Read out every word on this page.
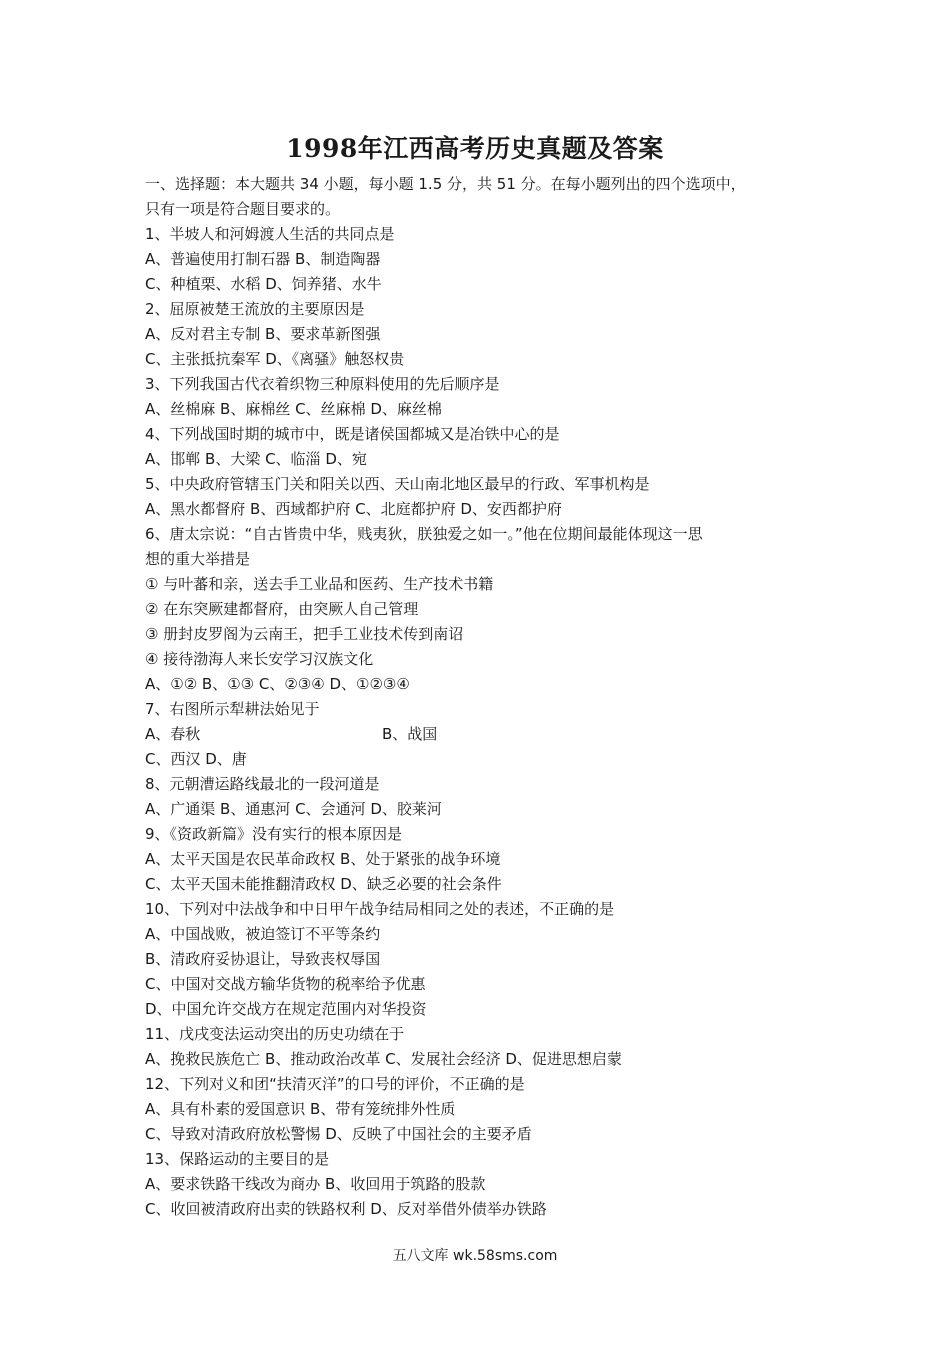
1998年江西高考历史真题及答案
一、选择题：本大题共 34 小题，每小题 1.5 分，共 51 分。在每小题列出的四个选项中，
只有一项是符合题目要求的。
1、半坡人和河姆渡人生活的共同点是
A、普遍使用打制石器 B、制造陶器
C、种植栗、水稻 D、饲养猪、水牛
2、屈原被楚王流放的主要原因是
A、反对君主专制 B、要求革新图强
C、主张抵抗秦军 D、《离骚》触怒权贵
3、下列我国古代衣着织物三种原料使用的先后顺序是
A、丝棉麻 B、麻棉丝 C、丝麻棉 D、麻丝棉
4、下列战国时期的城市中，既是诸侯国都城又是冶铁中心的是
A、邯郸 B、大梁 C、临淄 D、宛
5、中央政府管辖玉门关和阳关以西、天山南北地区最早的行政、军事机构是
A、黑水都督府 B、西域都护府 C、北庭都护府 D、安西都护府
6、唐太宗说：“自古皆贵中华，贱夷狄，朕独爱之如一。”他在位期间最能体现这一思
想的重大举措是
① 与叶蕃和亲，送去手工业品和医药、生产技术书籍
② 在东突厥建都督府，由突厥人自己管理
③ 册封皮罗阁为云南王，把手工业技术传到南诏
④ 接待渤海人来长安学习汉族文化
A、①② B、①③ C、②③④ D、①②③④
7、右图所示犁耕法始见于
A、春秋	B、战国
C、西汉 D、唐
8、元朝漕运路线最北的一段河道是
A、广通渠 B、通惠河 C、会通河 D、胶莱河
9、《资政新篇》没有实行的根本原因是
A、太平天国是农民革命政权 B、处于紧张的战争环境
C、太平天国未能推翻清政权 D、缺乏必要的社会条件
10、下列对中法战争和中日甲午战争结局相同之处的表述，不正确的是
A、中国战败，被迫签订不平等条约
B、清政府妥协退让，导致丧权辱国
C、中国对交战方输华货物的税率给予优惠
D、中国允许交战方在规定范围内对华投资
11、戊戌变法运动突出的历史功绩在于
A、挽救民族危亡 B、推动政治改革 C、发展社会经济 D、促进思想启蒙
12、下列对义和团“扶清灭洋”的口号的评价，不正确的是
A、具有朴素的爱国意识 B、带有笼统排外性质
C、导致对清政府放松警惕 D、反映了中国社会的主要矛盾
13、保路运动的主要目的是
A、要求铁路干线改为商办 B、收回用于筑路的股款
C、收回被清政府出卖的铁路权利 D、反对举借外债举办铁路
五八文库 wk.58sms.com
